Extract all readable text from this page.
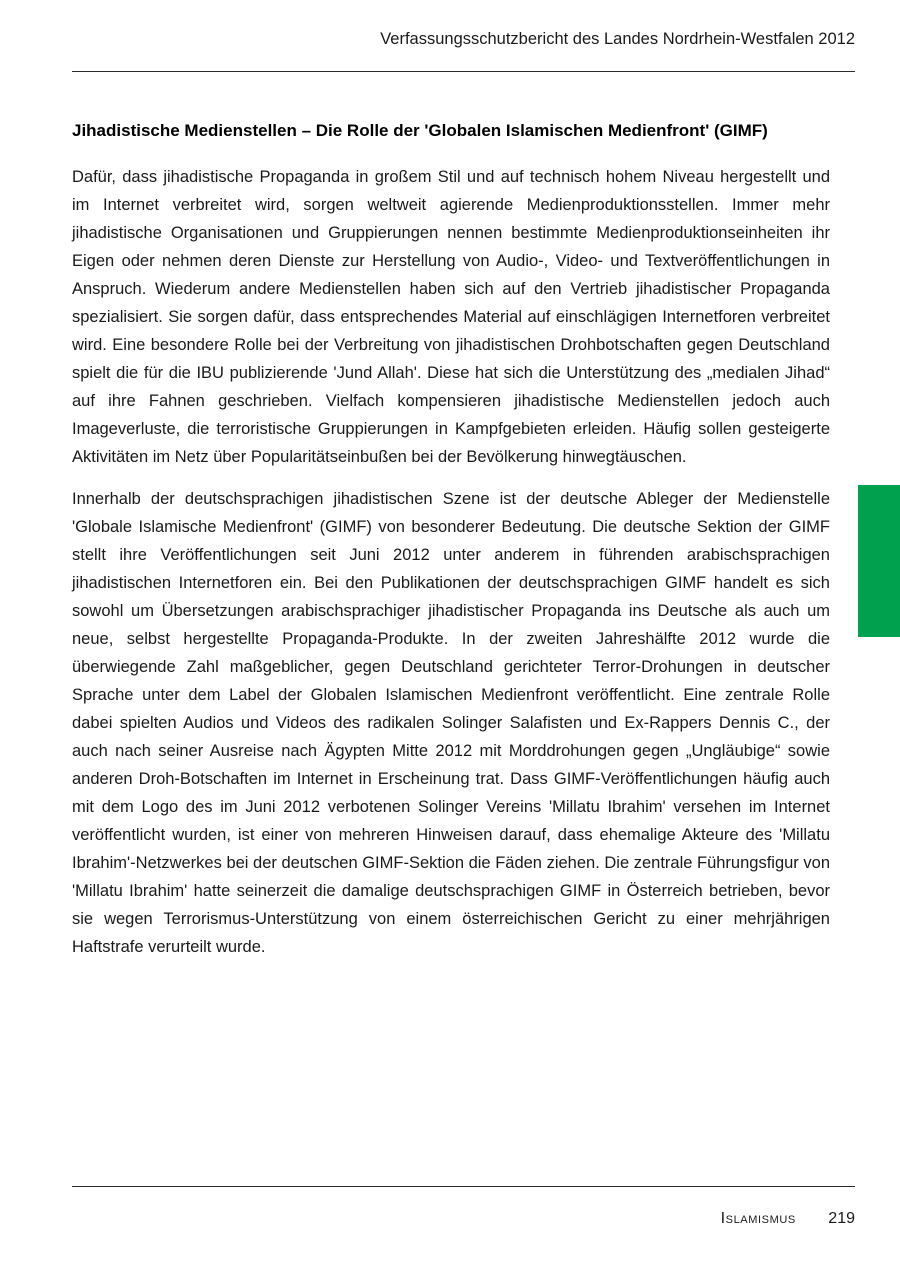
Verfassungsschutzbericht des Landes Nordrhein-Westfalen 2012
Jihadistische Medienstellen – Die Rolle der 'Globalen Islamischen Medienfront' (GIMF)

Dafür, dass jihadistische Propaganda in großem Stil und auf technisch hohem Niveau hergestellt und im Internet verbreitet wird, sorgen weltweit agierende Medienproduktionsstellen. Immer mehr jihadistische Organisationen und Gruppierungen nennen bestimmte Medienproduktionseinheiten ihr Eigen oder nehmen deren Dienste zur Herstellung von Audio-, Video- und Textveröffentlichungen in Anspruch. Wiederum andere Medienstellen haben sich auf den Vertrieb jihadistischer Propaganda spezialisiert. Sie sorgen dafür, dass entsprechendes Material auf einschlägigen Internetforen verbreitet wird. Eine besondere Rolle bei der Verbreitung von jihadistischen Drohbotschaften gegen Deutschland spielt die für die IBU publizierende 'Jund Allah'. Diese hat sich die Unterstützung des „medialen Jihad“ auf ihre Fahnen geschrieben. Vielfach kompensieren jihadistische Medienstellen jedoch auch Imageverluste, die terroristische Gruppierungen in Kampfgebieten erleiden. Häufig sollen gesteigerte Aktivitäten im Netz über Popularitätseinbußen bei der Bevölkerung hinwegtäuschen.

Innerhalb der deutschsprachigen jihadistischen Szene ist der deutsche Ableger der Medienstelle 'Globale Islamische Medienfront' (GIMF) von besonderer Bedeutung. Die deutsche Sektion der GIMF stellt ihre Veröffentlichungen seit Juni 2012 unter anderem in führenden arabischsprachigen jihadistischen Internetforen ein. Bei den Publikationen der deutschsprachigen GIMF handelt es sich sowohl um Übersetzungen arabischsprachiger jihadistischer Propaganda ins Deutsche als auch um neue, selbst hergestellte Propaganda-Produkte. In der zweiten Jahreshälfte 2012 wurde die überwiegende Zahl maßgeblicher, gegen Deutschland gerichteter Terror-Drohungen in deutscher Sprache unter dem Label der Globalen Islamischen Medienfront veröffentlicht. Eine zentrale Rolle dabei spielten Audios und Videos des radikalen Solinger Salafisten und Ex-Rappers Dennis C., der auch nach seiner Ausreise nach Ägypten Mitte 2012 mit Morddrohungen gegen „Ungläubige“ sowie anderen Droh-Botschaften im Internet in Erscheinung trat. Dass GIMF-Veröffentlichungen häufig auch mit dem Logo des im Juni 2012 verbotenen Solinger Vereins 'Millatu Ibrahim' versehen im Internet veröffentlicht wurden, ist einer von mehreren Hinweisen darauf, dass ehemalige Akteure des 'Millatu Ibrahim'-Netzwerkes bei der deutschen GIMF-Sektion die Fäden ziehen. Die zentrale Führungsfigur von 'Millatu Ibrahim' hatte seinerzeit die damalige deutschsprachigen GIMF in Österreich betrieben, bevor sie wegen Terrorismus-Unterstützung von einem österreichischen Gericht zu einer mehrjährigen Haftstrafe verurteilt wurde.

Islamismus 219
